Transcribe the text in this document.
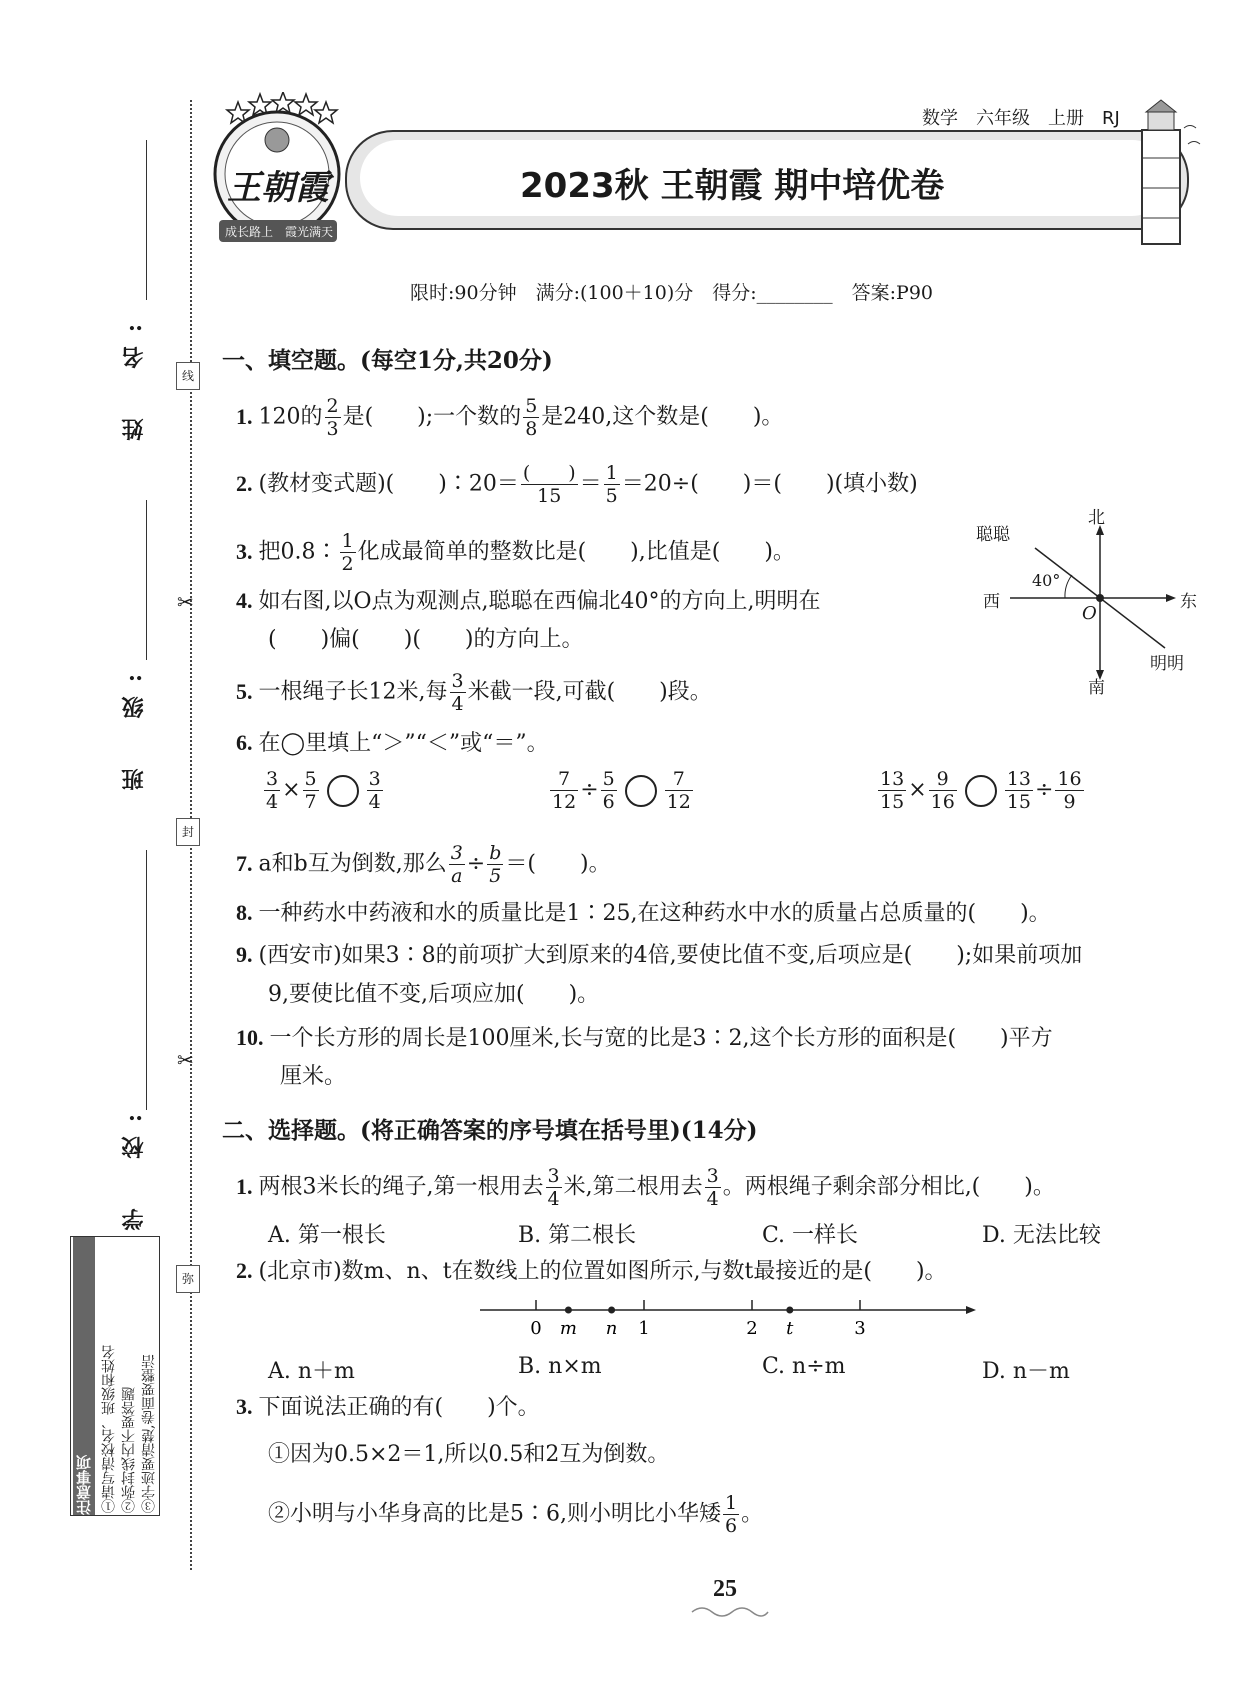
数学　六年级　上册　RJ
王朝霞
成长路上　霞光满天
2023秋 王朝霞 期中培优卷
限时:90分钟　满分:(100＋10)分　得分:________　答案:P90
姓　名:
班　级:
学　校:
线
✂
封
✂
弥
注意事项 ①请写清校名、班级和姓名 ②弥封线内不要答题 ③字迹要清楚,卷面要整洁
一、填空题。(每空1分,共20分)
1. 120的 $\frac{2}{3}$ 是(　　);一个数的 $\frac{5}{8}$ 是240,这个数是(　　)。
2. (教材变式题)(　　)∶20＝ $\frac{( )}{15} = \frac{1}{5} =20\div$(　　)＝(　　)(填小数)
3. 把0.8∶ $\frac{1}{2}$ 化成最简单的整数比是(　　),比值是(　　)。
4. 如右图,以O点为观测点,聪聪在西偏北40°的方向上,明明在
(　　)偏(　　)(　　)的方向上。
北
南
东
西
O
40°
聪聪
明明
5. 一根绳子长12米,每 $\frac{3}{4}$ 米截一段,可截(　　)段。
6. 在◯里填上“＞”“＜”或“＝”。
$\frac{3}{4} \times \frac{5}{7}$	$\frac{3}{4}$	$\frac{7}{12} \div \frac{5}{6}$	$\frac{7}{12}$	$\frac{13}{15} \times \frac{9}{16}$	$\frac{13}{15} \div \frac{16}{9}$
7. a和b互为倒数,那么 $\frac{3}{a} \div \frac{b}{5}$ ＝(　　)。
8. 一种药水中药液和水的质量比是1∶25,在这种药水中水的质量占总质量的(　　)。
9. (西安市)如果3∶8的前项扩大到原来的4倍,要使比值不变,后项应是(　　);如果前项加
9,要使比值不变,后项应加(　　)。
10. 一个长方形的周长是100厘米,长与宽的比是3∶2,这个长方形的面积是(　　)平方
厘米。
二、选择题。(将正确答案的序号填在括号里)(14分)
1. 两根3米长的绳子,第一根用去 $\frac{3}{4}$ 米,第二根用去 $\frac{3}{4}$ 。两根绳子剩余部分相比,(　　)。
A. 第一根长	B. 第二根长	C. 一样长	D. 无法比较
2. (北京市)数m、n、t在数线上的位置如图所示,与数t最接近的是(　　)。
0	1	2	3
m n	t
A. n＋m	B. n×m	C. n÷m	D. n－m
3. 下面说法正确的有(　　)个。
①因为0.5×2＝1,所以0.5和2互为倒数。
②小明与小华身高的比是5∶6,则小明比小华矮 $\frac{1}{6}$ 。
25
